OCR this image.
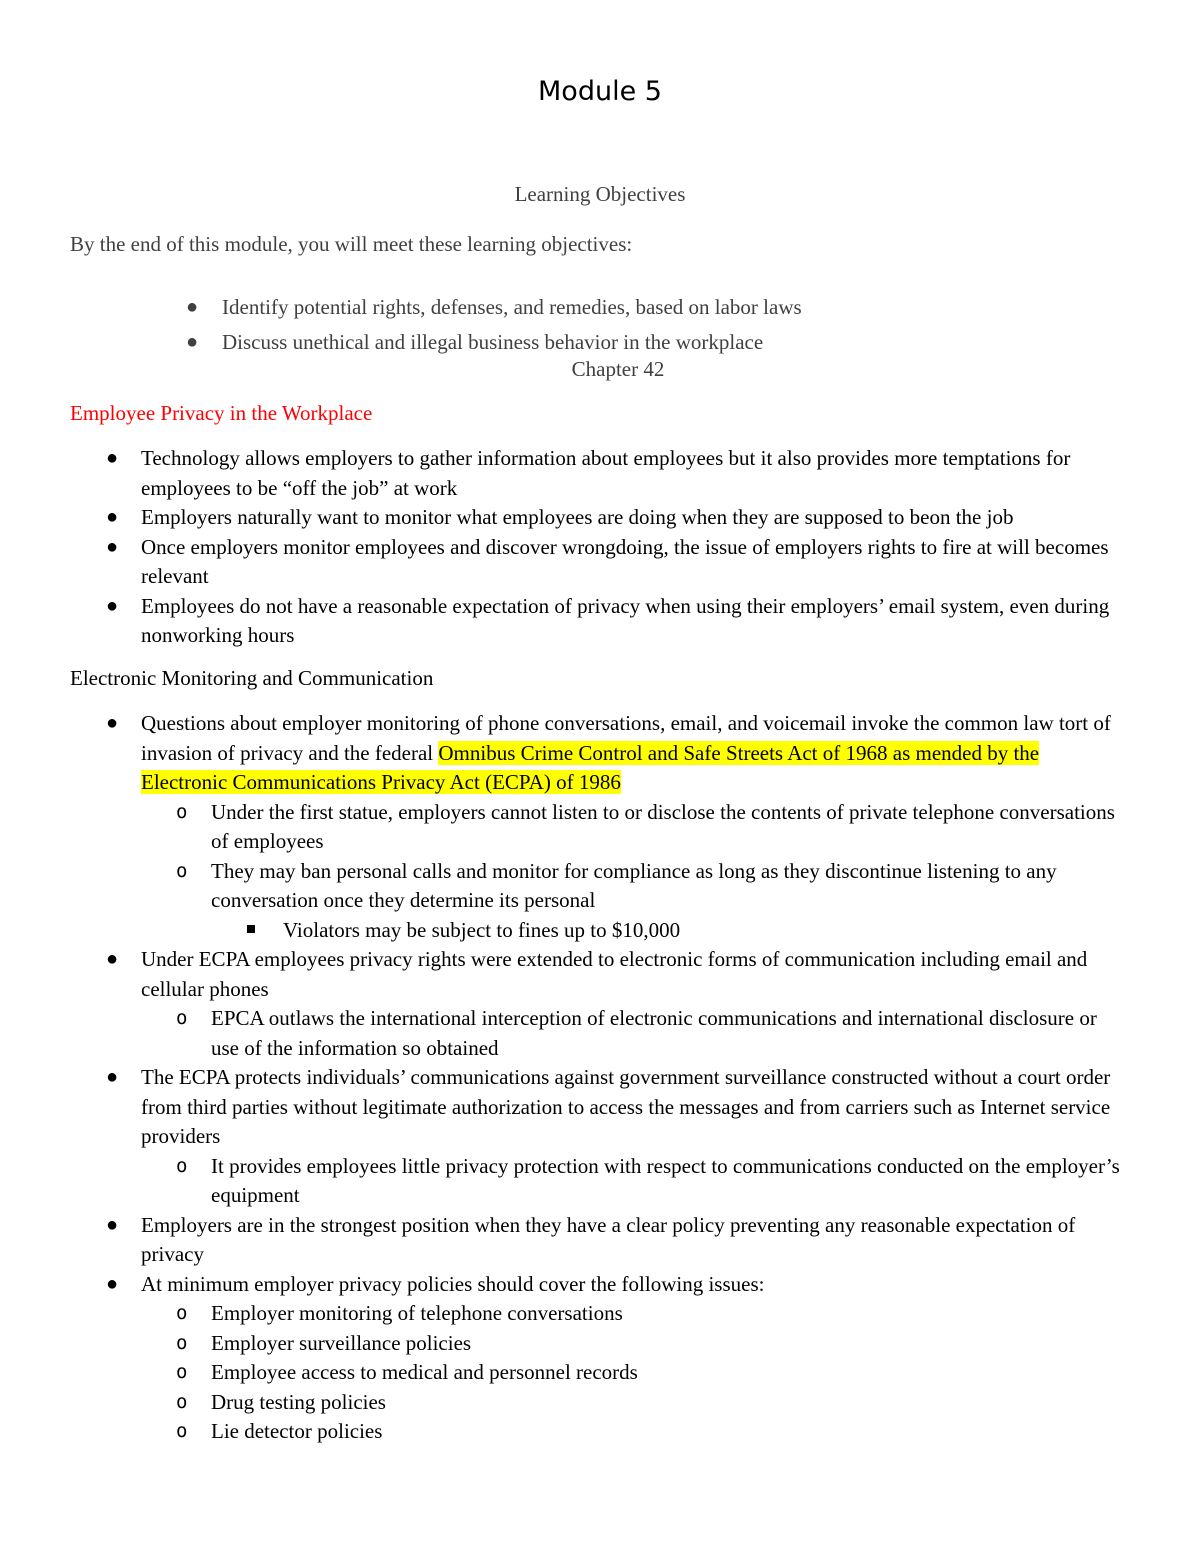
Module 5
Learning Objectives
By the end of this module, you will meet these learning objectives:
● Identify potential rights, defenses, and remedies, based on labor laws
● Discuss unethical and illegal business behavior in the workplace
Chapter 42
Employee Privacy in the Workplace
● Technology allows employers to gather information about employees but it also provides more temptations for employees to be “off the job” at work
● Employers naturally want to monitor what employees are doing when they are supposed to beon the job
● Once employers monitor employees and discover wrongdoing, the issue of employers rights to fire at will becomes relevant
● Employees do not have a reasonable expectation of privacy when using their employers’ email system, even during nonworking hours
Electronic Monitoring and Communication
● Questions about employer monitoring of phone conversations, email, and voicemail invoke the common law tort of invasion of privacy and the federal Omnibus Crime Control and Safe Streets Act of 1968 as mended by the Electronic Communications Privacy Act (ECPA) of 1986
o Under the first statue, employers cannot listen to or disclose the contents of private telephone conversations of employees
o They may ban personal calls and monitor for compliance as long as they discontinue listening to any conversation once they determine its personal
Violators may be subject to fines up to $10,000
● Under ECPA employees privacy rights were extended to electronic forms of communication including email and cellular phones
o EPCA outlaws the international interception of electronic communications and international disclosure or use of the information so obtained
● The ECPA protects individuals’ communications against government surveillance constructed without a court order from third parties without legitimate authorization to access the messages and from carriers such as Internet service providers
o It provides employees little privacy protection with respect to communications conducted on the employer’s equipment
● Employers are in the strongest position when they have a clear policy preventing any reasonable expectation of privacy
● At minimum employer privacy policies should cover the following issues:
o Employer monitoring of telephone conversations
o Employer surveillance policies
o Employee access to medical and personnel records
o Drug testing policies
o Lie detector policies
